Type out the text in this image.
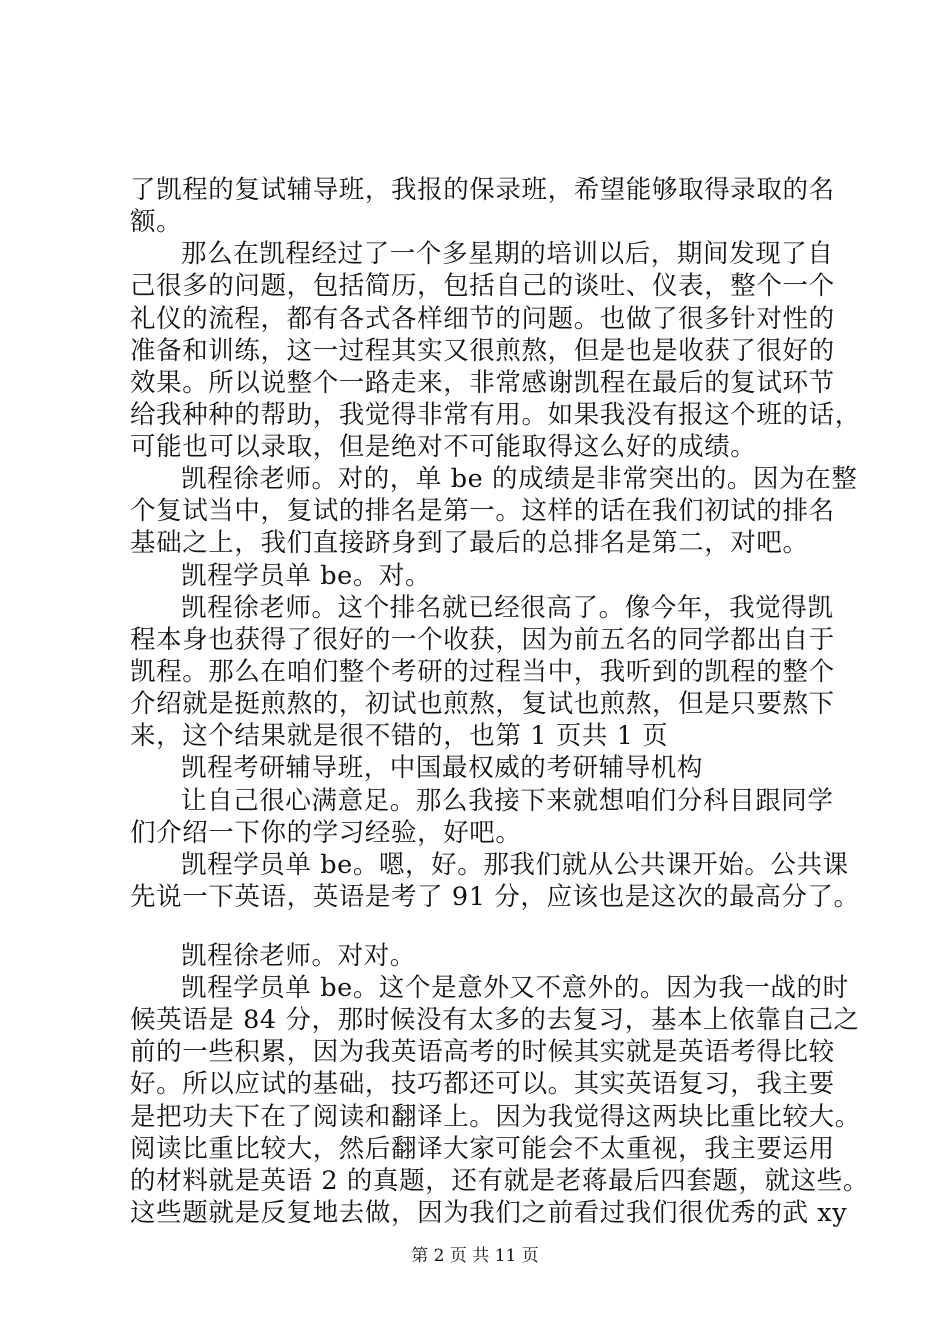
了凯程的复试辅导班，我报的保录班，希望能够取得录取的名

额。

那么在凯程经过了一个多星期的培训以后，期间发现了自

己很多的问题，包括简历，包括自己的谈吐、仪表，整个一个

礼仪的流程，都有各式各样细节的问题。也做了很多针对性的

准备和训练，这一过程其实又很煎熬，但是也是收获了很好的

效果。所以说整个一路走来，非常感谢凯程在最后的复试环节

给我种种的帮助，我觉得非常有用。如果我没有报这个班的话，

可能也可以录取，但是绝对不可能取得这么好的成绩。

凯程徐老师。对的，单 be 的成绩是非常突出的。因为在整

个复试当中，复试的排名是第一。这样的话在我们初试的排名

基础之上，我们直接跻身到了最后的总排名是第二，对吧。

凯程学员单 be。对。

凯程徐老师。这个排名就已经很高了。像今年，我觉得凯

程本身也获得了很好的一个收获，因为前五名的同学都出自于

凯程。那么在咱们整个考研的过程当中，我听到的凯程的整个

介绍就是挺煎熬的，初试也煎熬，复试也煎熬，但是只要熬下

来，这个结果就是很不错的，也第 1 页共 1 页

凯程考研辅导班，中国最权威的考研辅导机构

让自己很心满意足。那么我接下来就想咱们分科目跟同学

们介绍一下你的学习经验，好吧。

凯程学员单 be。嗯，好。那我们就从公共课开始。公共课

先说一下英语，英语是考了 91 分，应该也是这次的最高分了。

凯程徐老师。对对。

凯程学员单 be。这个是意外又不意外的。因为我一战的时

候英语是 84 分，那时候没有太多的去复习，基本上依靠自己之

前的一些积累，因为我英语高考的时候其实就是英语考得比较

好。所以应试的基础，技巧都还可以。其实英语复习，我主要

是把功夫下在了阅读和翻译上。因为我觉得这两块比重比较大。

阅读比重比较大，然后翻译大家可能会不太重视，我主要运用

的材料就是英语 2 的真题，还有就是老蒋最后四套题，就这些。

这些题就是反复地去做，因为我们之前看过我们很优秀的武 xy

第 2 页 共 11 页
